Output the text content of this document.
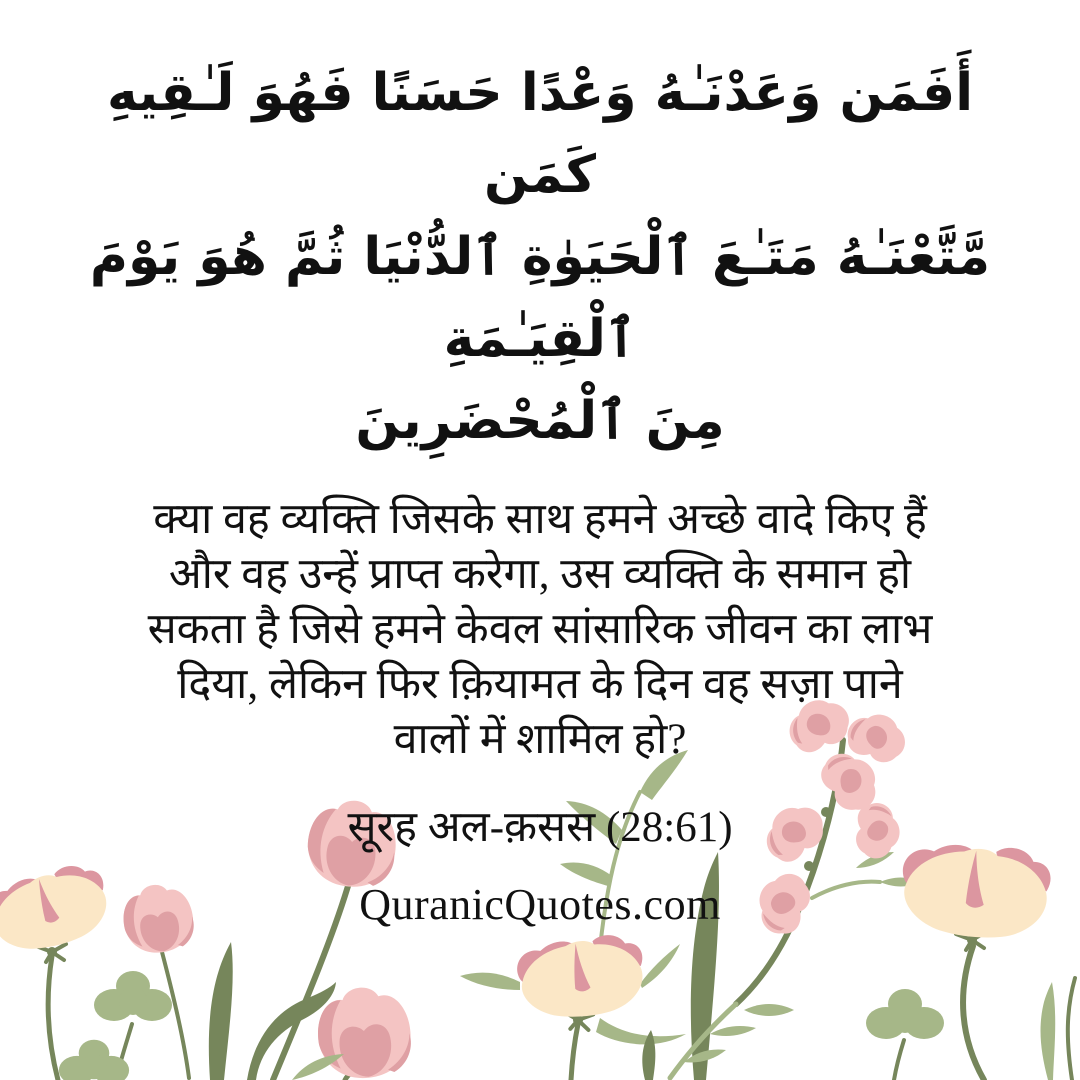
أَفَمَن وَعَدْنَـٰهُ وَعْدًا حَسَنًا فَهُوَ لَـٰقِيهِ كَمَن
مَّتَّعْنَـٰهُ مَتَـٰعَ ٱلْحَيَوٰةِ ٱلدُّنْيَا ثُمَّ هُوَ يَوْمَ ٱلْقِيَـٰمَةِ
مِنَ ٱلْمُحْضَرِينَ
क्या वह व्यक्ति जिसके साथ हमने अच्छे वादे किए हैं
और वह उन्हें प्राप्त करेगा, उस व्यक्ति के समान हो
सकता है जिसे हमने केवल सांसारिक जीवन का लाभ
दिया, लेकिन फिर क़ियामत के दिन वह सज़ा पाने
वालों में शामिल हो?
सूरह अल-क़सस (28:61)
QuranicQuotes.com
